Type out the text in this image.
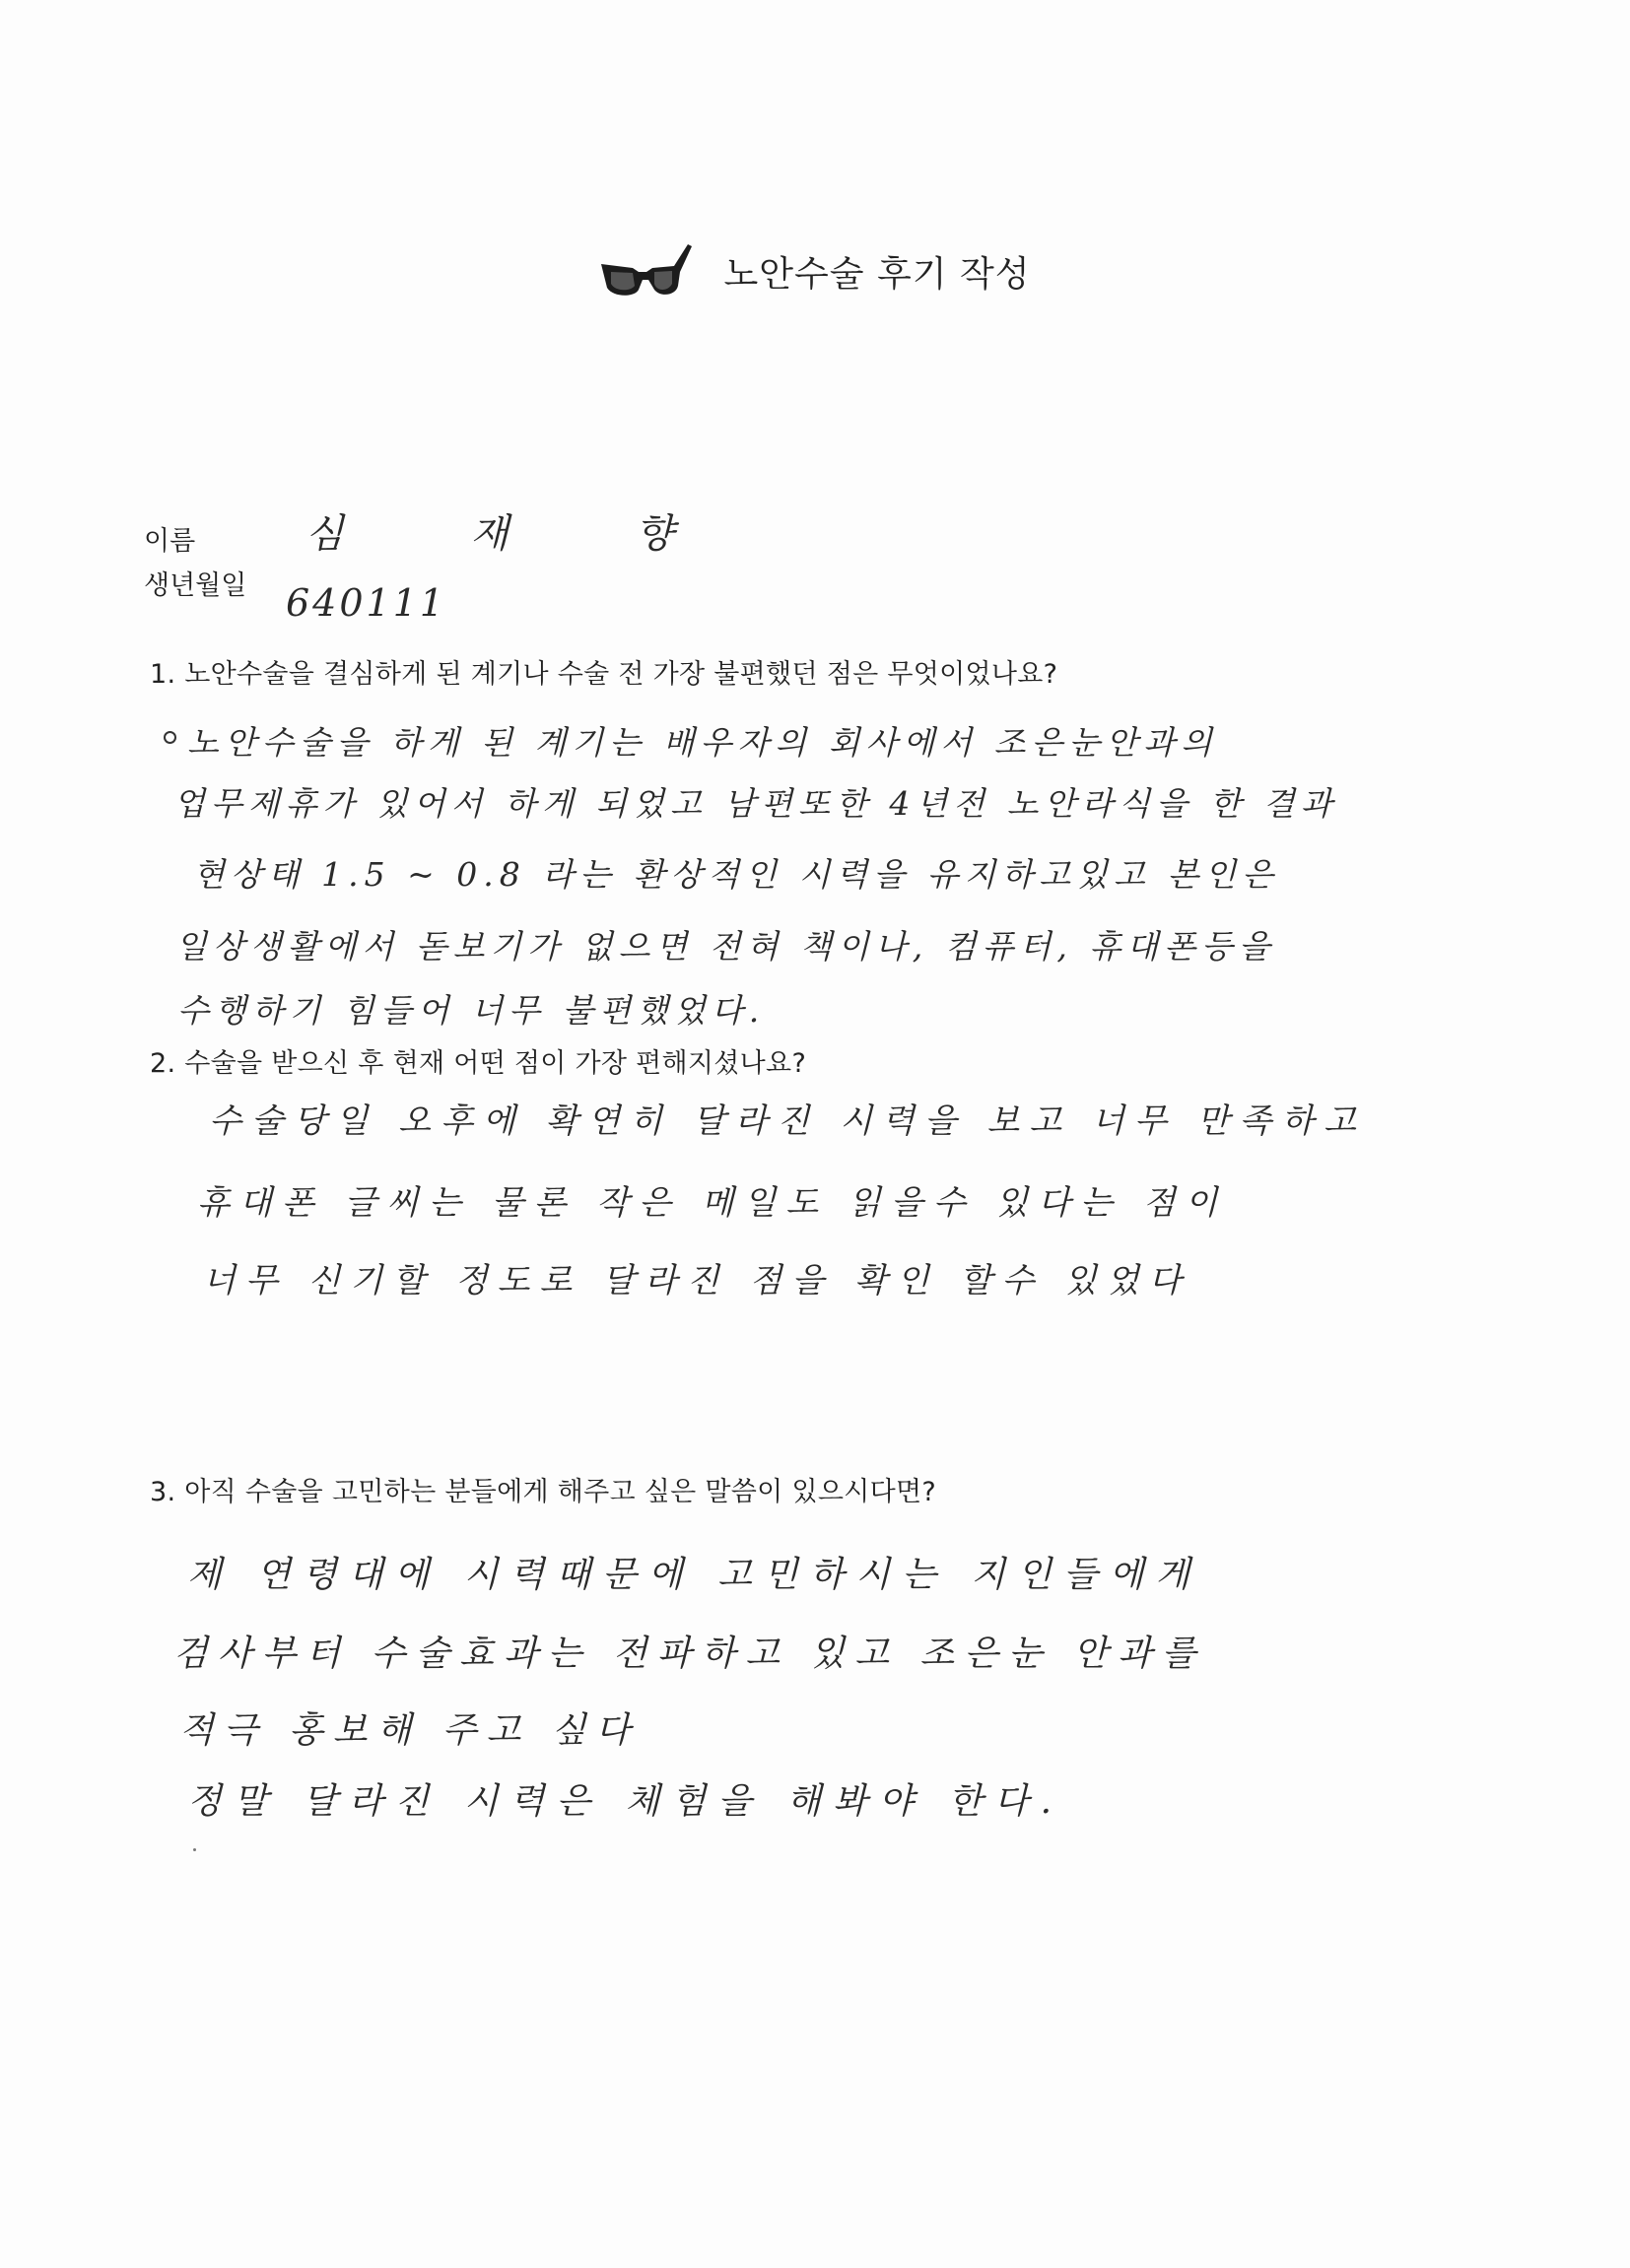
노안수술 후기 작성
이름	심 재 향
생년월일 640111
1. 노안수술을 결심하게 된 계기나 수술 전 가장 불편했던 점은 무엇이었나요?
노안수술을 하게 된 계기는 배우자의 회사에서 조은눈안과의
업무제휴가 있어서 하게 되었고 남편또한 4년전 노안라식을 한 결과
현상태 1.5 ~ 0.8 라는 환상적인 시력을 유지하고있고 본인은
일상생활에서 돋보기가 없으면 전혀 책이나, 컴퓨터, 휴대폰등을
수행하기 힘들어 너무 불편했었다.
2. 수술을 받으신 후 현재 어떤 점이 가장 편해지셨나요?
수술당일 오후에 확연히 달라진 시력을 보고 너무 만족하고
휴대폰 글씨는 물론 작은 메일도 읽을수 있다는 점이
너무 신기할 정도로 달라진 점을 확인 할수 있었다
3. 아직 수술을 고민하는 분들에게 해주고 싶은 말씀이 있으시다면?
제 연령대에 시력때문에 고민하시는 지인들에게
검사부터 수술효과는 전파하고 있고 조은눈 안과를
적극 홍보해 주고 싶다
정말 달라진 시력은 체험을 해봐야 한다.
